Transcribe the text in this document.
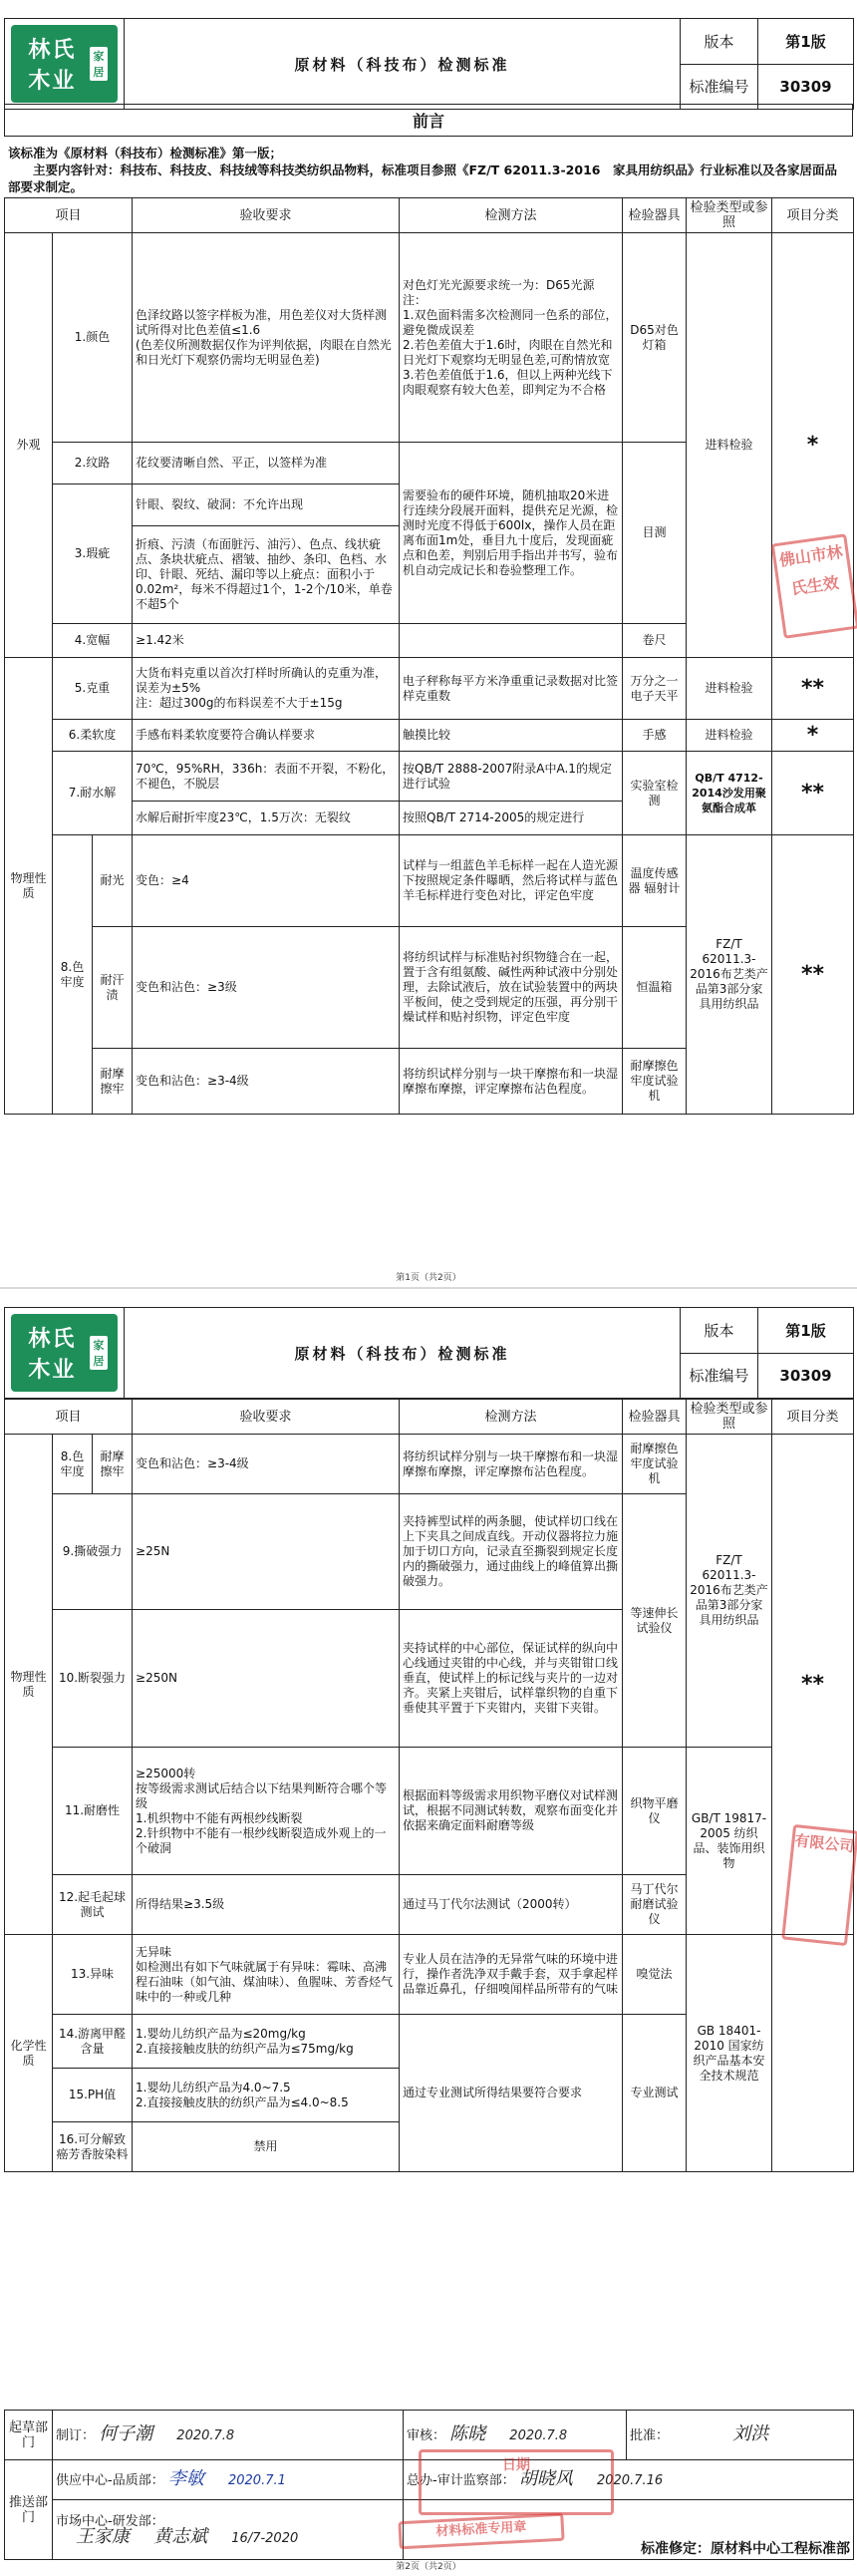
林氏木业
家居	原材料（科技布）检测标准	版本	第1版
		标准编号	30309
前言
该标准为《原材料（科技布）检测标准》第一版；
主要内容针对：科技布、科技皮、科技绒等科技类纺织品物料，标准项目参照《FZ/T 62011.3-2016　家具用纺织品》行业标准以及各家居面品部要求制定。
项目			验收要求	检测方法	检验器具	检验类型或参照	项目分类
外观	1.颜色		色泽纹路以签字样板为准，用色差仪对大货样测试所得对比色差值≤1.6
(色差仪所测数据仅作为评判依据，肉眼在自然光和日光灯下观察仍需均无明显色差)	对色灯光光源要求统一为：D65光源
注：
1.双色面料需多次检测同一色系的部位，避免微成误差
2.若色差值大于1.6时，肉眼在自然光和日光灯下观察均无明显色差,可酌情放宽
3.若色差值低于1.6，但以上两种光线下肉眼观察有较大色差，即判定为不合格	D65对色灯箱	进料检验	*
	2.纹路		花纹要清晰自然、平正，以签样为准	需要验布的硬件环境，随机抽取20米进行连续分段展开面料，提供充足光源，检测时光度不得低于600lx，操作人员在距离布面1m处，垂目九十度后，发现面疵点和色差，判别后用手指出并书写，验布机自动完成记长和卷验整理工作。	目测		
	3.瑕疵		针眼、裂纹、破洞：不允许出现				
			折痕、污渍（布面脏污、油污）、色点、线状疵点、条块状疵点、褶皱、抽纱、条印、色档、水印、针眼、死结、漏印等以上疵点：面积小于0.02m²，每米不得超过1个，1-2个/10米，单卷不超5个				
	4.宽幅		≥1.42米		卷尺		

物理性质	5.克重		大货布料克重以首次打样时所确认的克重为准，误差为±5%
注：超过300g的布料误差不大于±15g	电子秤称每平方米净重重记录数据对比签样克重数	万分之一电子天平	进料检验	**
	6.柔软度		手感布料柔软度要符合确认样要求	触摸比较	手感	进料检验	*
	7.耐水解		70℃，95%RH，336h：表面不开裂，不粉化，不褪色，不脱层	按QB/T 2888-2007附录A中A.1的规定进行试验	实验室检测	QB/T 4712-2014沙发用聚氨酯合成革	**
			水解后耐折牢度23℃，1.5万次：无裂纹	按照QB/T 2714-2005的规定进行			
	8.色牢度	耐光	变色：≥4	试样与一组蓝色羊毛标样一起在人造光源下按照规定条件曝晒，然后将试样与蓝色羊毛标样进行变色对比，评定色牢度	温度传感器 辐射计	FZ/T 62011.3-2016布艺类产品第3部分家具用纺织品	**
		耐汗渍	变色和沾色：≥3级	将纺织试样与标准贴衬织物缝合在一起，置于含有组氨酸、碱性两种试液中分别处理，去除试液后，放在试验装置中的两块平板间，使之受到规定的压强，再分别干燥试样和贴衬织物，评定色牢度	恒温箱		
		耐摩擦牢	变色和沾色：≥3-4级	将纺织试样分别与一块干摩擦布和一块湿摩擦布摩擦，评定摩擦布沾色程度。	耐摩擦色牢度试验机		
佛山市林氏生效
第1页（共2页）
林氏木业
家居	原材料（科技布）检测标准	版本	第1版
		标准编号	30309
项目			验收要求	检测方法	检验器具	检验类型或参照	项目分类
物理性质	8.色牢度	耐摩擦牢	变色和沾色：≥3-4级	将纺织试样分别与一块干摩擦布和一块湿摩擦布摩擦，评定摩擦布沾色程度。	耐摩擦色牢度试验机	FZ/T 62011.3-2016布艺类产品第3部分家具用纺织品	**
	9.撕破强力		≥25N	夹持裤型试样的两条腿，使试样切口线在上下夹具之间成直线。开动仪器将拉力施加于切口方向，记录直至撕裂到规定长度内的撕破强力，通过曲线上的峰值算出撕破强力。	等速伸长试验仪		
	10.断裂强力		≥250N	夹持试样的中心部位，保证试样的纵向中心线通过夹钳的中心线，并与夹钳钳口线垂直，使试样上的标记线与夹片的一边对齐。夹紧上夹钳后，试样靠织物的自重下垂使其平置于下夹钳内，夹钳下夹钳。			
	11.耐磨性		≥25000转
按等级需求测试后结合以下结果判断符合哪个等级
1.机织物中不能有两根纱线断裂
2.针织物中不能有一根纱线断裂造成外观上的一个破洞	根据面料等级需求用织物平磨仪对试样测试，根据不同测试转数，观察布面变化并依据来确定面料耐磨等级	织物平磨仪	GB/T 19817-2005 纺织品、装饰用织物	
	12.起毛起球测试		所得结果≥3.5级	通过马丁代尔法测试（2000转）	马丁代尔耐磨试验仪		
化学性质	13.异味		无异味
如检测出有如下气味就属于有异味：霉味、高沸程石油味（如气油、煤油味）、鱼腥味、芳香烃气味中的一种或几种	专业人员在洁净的无异常气味的环境中进行，操作者洗净双手戴手套，双手拿起样品靠近鼻孔，仔细嗅闻样品所带有的气味	嗅觉法	GB 18401-2010 国家纺织产品基本安全技术规范	
	14.游离甲醛含量		1.婴幼儿纺织产品为≤20mg/kg
2.直接接触皮肤的纺织产品为≤75mg/kg	通过专业测试所得结果要符合要求	专业测试		
	15.PH值		1.婴幼儿纺织产品为4.0~7.5
2.直接接触皮肤的纺织产品为≤4.0~8.5				
	16.可分解致癌芳香胺染料		禁用				
起草部门	制订： 何子潮 2020.7.8	审核： 陈晓 2020.7.8	批准： 刘洪
推送部门	供应中心-品质部： 李敏 2020.7.1	总办-审计监察部： 胡晓风 2020.7.16	
	市场中心-研发部：
王家康 黄志斌 16/7-2020	标准修定：原材料中心工程标准部	
有限公司
日期
材料标准专用章
第2页（共2页）
